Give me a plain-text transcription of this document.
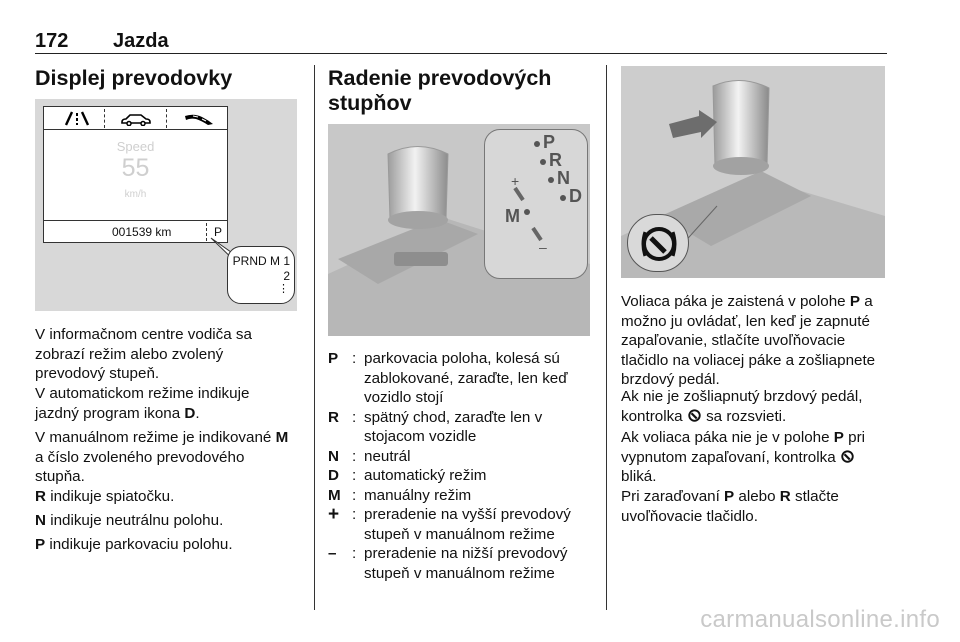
172 Jazda
Displej prevodovky
Speed
55
km/h
001539 km	P
PRND M 1
2
⋮
V informačnom centre vodiča sa zobrazí režim alebo zvolený prevodový stupeň.
V automatickom režime indikuje jazdný program ikona D.
V manuálnom režime je indikované M a číslo zvoleného prevodového stupňa.
R indikuje spiatočku.
N indikuje neutrálnu polohu.
P indikuje parkovaciu polohu.
Radenie prevodových
stupňov
+
–
P
R
N
D
M
P : parkovacia poloha, kolesá sú zablokované, zaraďte, len keď vozidlo stojí
R : spätný chod, zaraďte len v stojacom vozidle
N : neutrál
D : automatický režim
M : manuálny režim
+ : preradenie na vyšší prevodový stupeň v manuálnom režime
–	: preradenie na nižší prevodový stupeň v manuálnom režime
Voliaca páka je zaistená v polohe P a možno ju ovládať, len keď je zapnuté zapaľovanie, stlačíte uvoľňovacie tlačidlo na voliacej páke a zošliapnete brzdový pedál.
Ak nie je zošliapnutý brzdový pedál, kontrolka  sa rozsvieti.
Ak voliaca páka nie je v polohe P pri vypnutom zapaľovaní, kontrolka  bliká.
Pri zaraďovaní P alebo R stlačte uvoľňovacie tlačidlo.
carmanualsonline.info
